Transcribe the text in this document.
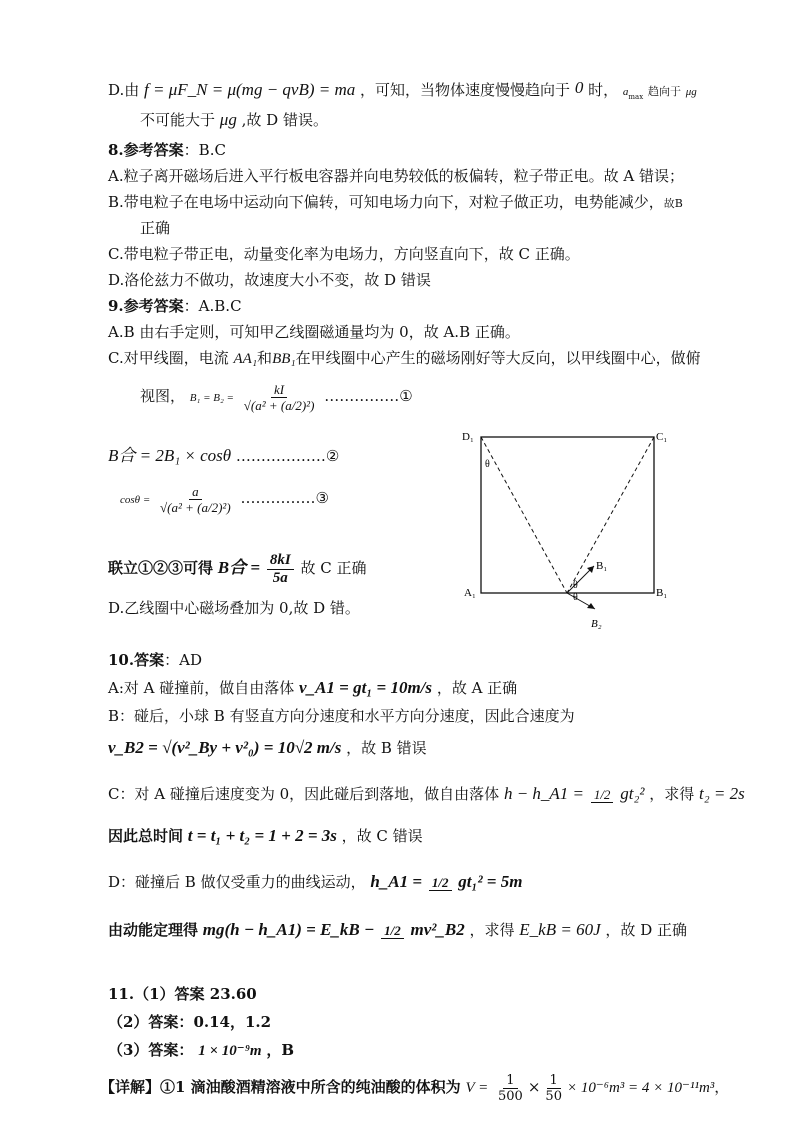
D.由 f = μF_N = μ(mg − qvB) = ma ，可知，当物体速度慢慢趋向于 0 时， $a_{max}$ 趋向于 μg
不可能大于 μg ,故 D 错误。
8.参考答案：B.C
A.粒子离开磁场后进入平行板电容器并向电势较低的板偏转，粒子带正电。故 A 错误；
B.带电粒子在电场中运动向下偏转，可知电场力向下，对粒子做正功，电势能减少，故B
正确
C.带电粒子带正电，动量变化率为电场力，方向竖直向下，故 C 正确。
D.洛伦兹力不做功，故速度大小不变，故 D 错误
9.参考答案：A.B.C
A.B 由右手定则，可知甲乙线圈磁通量均为 0，故 A.B 正确。
C.对甲线圈，电流 AA₁和BB₁在甲线圈中心产生的磁场刚好等大反向，以甲线圈中心，做俯
视图， $B_1 = B_2 = \frac{kI}{\text{√(a² + (a/2)²)}}$ ……………①
B合 = 2B₁ × cosθ ………………②
$\cos\theta = \frac{a}{\text{√(a² + (a/2)²)}}$ ……………③
联立①②③可得 B合 = $\frac{8kI}{5a}$ 故 C 正确
D.乙线圈中心磁场叠加为 0,故 D 错。
D₁	C₁
A₁	B₁
θ
θ
θ
B₁
B₂
10.答案：AD
A:对 A 碰撞前，做自由落体 v_A1 = gt₁ = 10m/s ，故 A 正确
B：碰后，小球 B 有竖直方向分速度和水平方向分速度，因此合速度为
v_B2 = √(v²_By + v²₀) = 10√2 m/s ，故 B 错误
C：对 A 碰撞后速度变为 0，因此碰后到落地，做自由落体 h − h_A1 = 1/2 gt₂² ，求得 t₂ = 2s
因此总时间 t = t₁ + t₂ = 1 + 2 = 3s ，故 C 错误
D：碰撞后 B 做仅受重力的曲线运动， h_A1 = 1/2 gt₁² = 5m
由动能定理得 mg(h − h_A1) = E_kB − 1/2 mv²_B2 ，求得 E_kB = 60J ，故 D 正确
11.（1）答案 23.60
（2）答案：0.14，1.2
（3）答案： 1 × 10⁻⁹m ，B
【详解】①1 滴油酸酒精溶液中所含的纯油酸的体积为 $V = \frac{1}{500} \times \frac{1}{50} \times 10^{-6}m^3 = 4 \times 10^{-11}m^3$，
